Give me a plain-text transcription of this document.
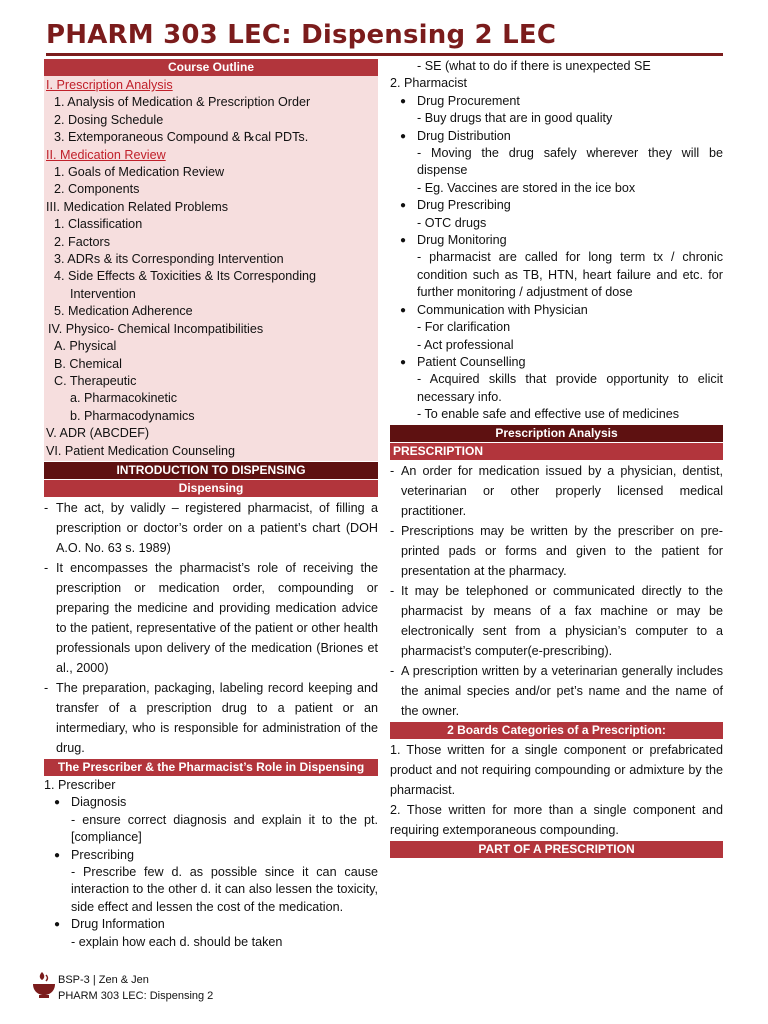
PHARM 303 LEC: Dispensing 2 LEC
Course Outline
I. Prescription Analysis
1. Analysis of Medication & Prescription Order
2. Dosing Schedule
3. Extemporaneous Compound & ℞cal PDTs.
II. Medication Review
1. Goals of Medication Review
2. Components
III. Medication Related Problems
1. Classification
2. Factors
3. ADRs & its Corresponding Intervention
4. Side Effects & Toxicities & Its Corresponding
Intervention
5. Medication Adherence
IV. Physico- Chemical Incompatibilities
A. Physical
B. Chemical
C. Therapeutic
a. Pharmacokinetic
b. Pharmacodynamics
V. ADR (ABCDEF)
VI. Patient Medication Counseling
INTRODUCTION TO DISPENSING
Dispensing
- The act, by validly – registered pharmacist, of filling a prescription or doctor’s order on a patient’s chart (DOH A.O. No. 63 s. 1989)
- It encompasses the pharmacist’s role of receiving the prescription or medication order, compounding or preparing the medicine and providing medication advice to the patient, representative of the patient or other health professionals upon delivery of the medication (Briones et al., 2000)
- The preparation, packaging, labeling record keeping and transfer of a prescription drug to a patient or an intermediary, who is responsible for administration of the drug.
The Prescriber & the Pharmacist’s Role in Dispensing
1. Prescriber
● Diagnosis
- ensure correct diagnosis and explain it to the pt. [compliance]
● Prescribing
- Prescribe few d. as possible since it can cause interaction to the other d. it can also lessen the toxicity, side effect and lessen the cost of the medication.
● Drug Information
- explain how each d. should be taken
- SE (what to do if there is unexpected SE
2. Pharmacist
● Drug Procurement
- Buy drugs that are in good quality
● Drug Distribution
- Moving the drug safely wherever they will be dispense
- Eg. Vaccines are stored in the ice box
● Drug Prescribing
- OTC drugs
● Drug Monitoring
- pharmacist are called for long term tx / chronic condition such as TB, HTN, heart failure and etc. for further monitoring / adjustment of dose
● Communication with Physician
- For clarification
- Act professional
● Patient Counselling
- Acquired skills that provide opportunity to elicit necessary info.
- To enable safe and effective use of medicines
Prescription Analysis
PRESCRIPTION
- An order for medication issued by a physician, dentist, veterinarian or other properly licensed medical practitioner.
- Prescriptions may be written by the prescriber on pre-printed pads or forms and given to the patient for presentation at the pharmacy.
- It may be telephoned or communicated directly to the pharmacist by means of a fax machine or may be electronically sent from a physician’s computer to a pharmacist’s computer(e-prescribing).
- A prescription written by a veterinarian generally includes the animal species and/or pet’s name and the name of the owner.
2 Boards Categories of a Prescription:
1. Those written for a single component or prefabricated product and not requiring compounding or admixture by the pharmacist.
2. Those written for more than a single component and requiring extemporaneous compounding.
PART OF A PRESCRIPTION
BSP-3 | Zen & Jen
PHARM 303 LEC: Dispensing 2
